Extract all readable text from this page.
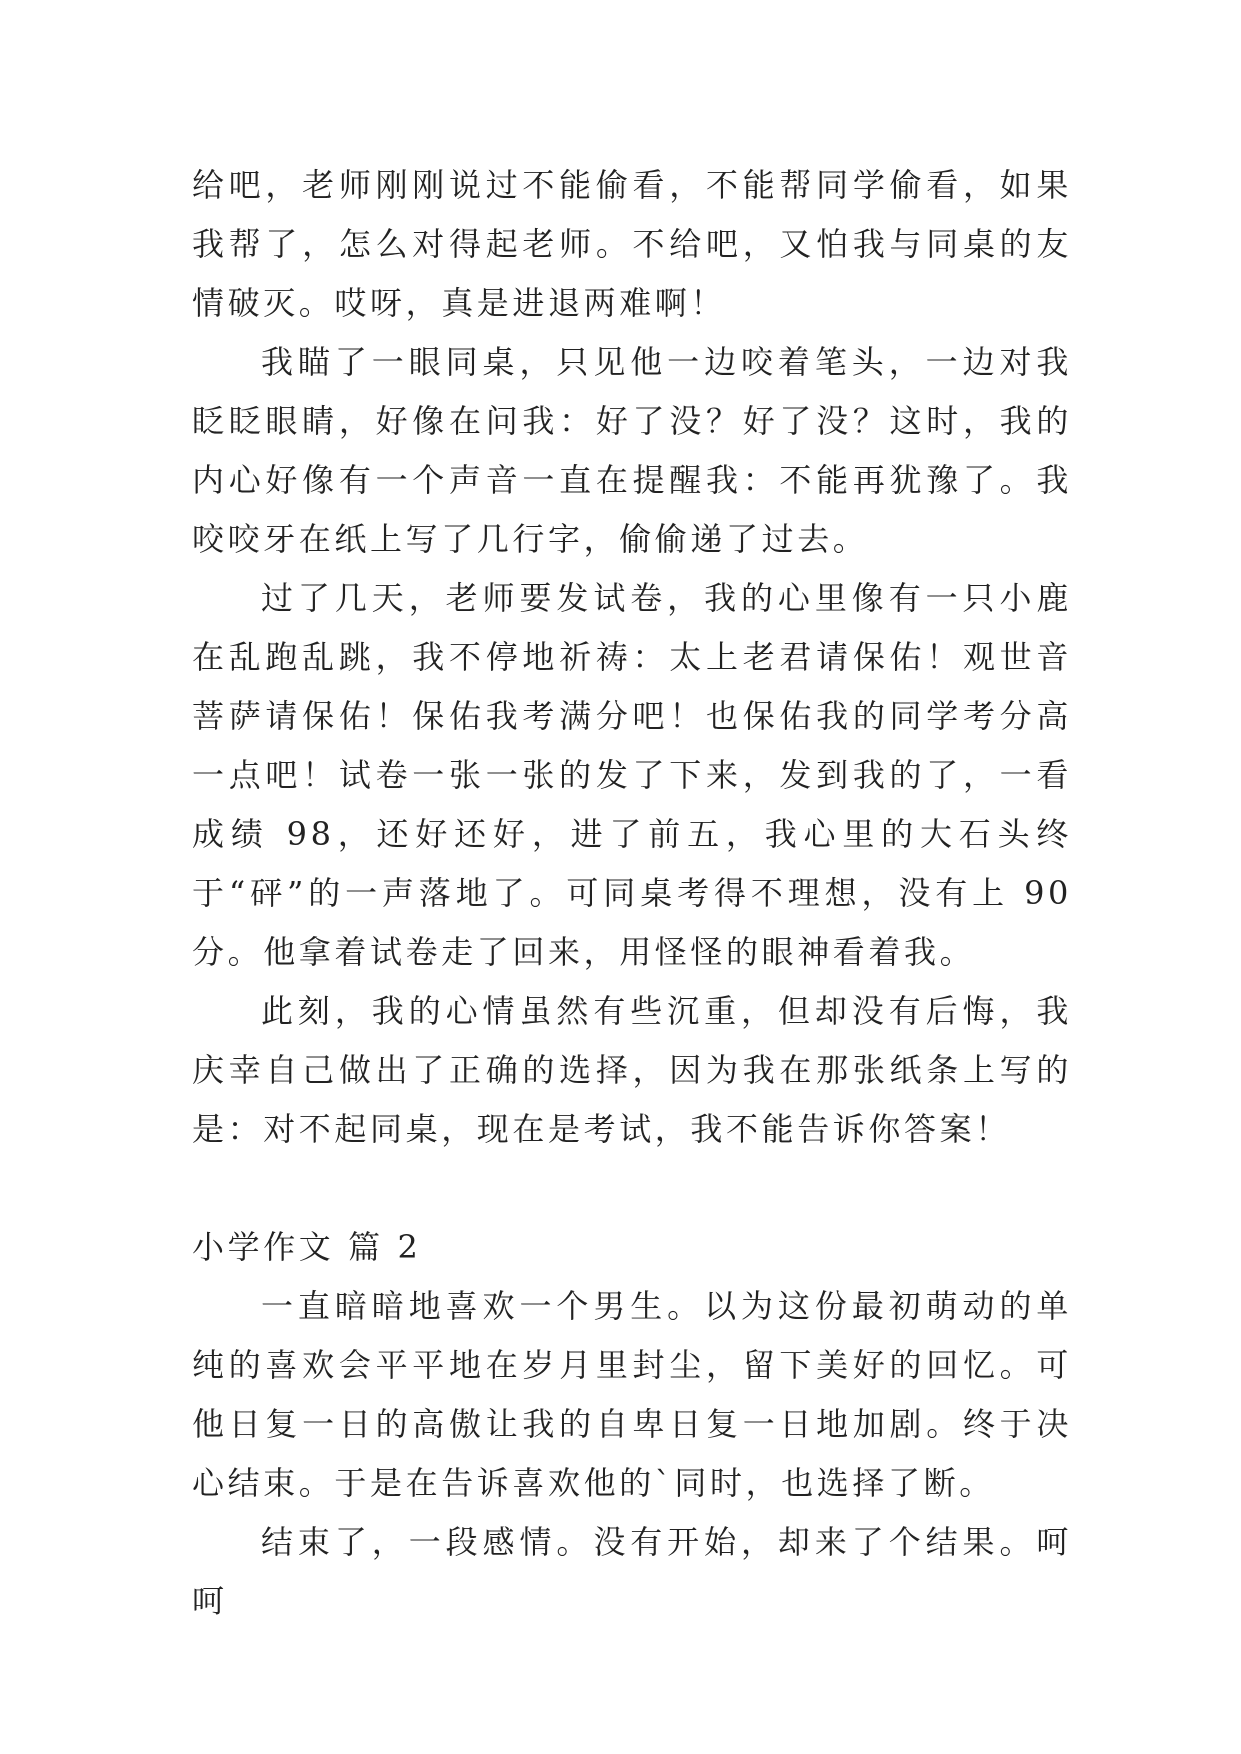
给吧，老师刚刚说过不能偷看，不能帮同学偷看，如果我帮了，怎么对得起老师。不给吧，又怕我与同桌的友情破灭。哎呀，真是进退两难啊！

我瞄了一眼同桌，只见他一边咬着笔头，一边对我眨眨眼睛，好像在问我：好了没？好了没？这时，我的内心好像有一个声音一直在提醒我：不能再犹豫了。我咬咬牙在纸上写了几行字，偷偷递了过去。

过了几天，老师要发试卷，我的心里像有一只小鹿在乱跑乱跳，我不停地祈祷：太上老君请保佑！观世音菩萨请保佑！保佑我考满分吧！也保佑我的同学考分高一点吧！试卷一张一张的发了下来，发到我的了，一看成绩 98，还好还好，进了前五，我心里的大石头终于“砰”的一声落地了。可同桌考得不理想，没有上 90 分。他拿着试卷走了回来，用怪怪的眼神看着我。

此刻，我的心情虽然有些沉重，但却没有后悔，我庆幸自己做出了正确的选择，因为我在那张纸条上写的是：对不起同桌，现在是考试，我不能告诉你答案！

小学作文 篇 2

一直暗暗地喜欢一个男生。以为这份最初萌动的单纯的喜欢会平平地在岁月里封尘，留下美好的回忆。可他日复一日的高傲让我的自卑日复一日地加剧。终于决心结束。于是在告诉喜欢他的`同时，也选择了断。

结束了，一段感情。没有开始，却来了个结果。呵呵
